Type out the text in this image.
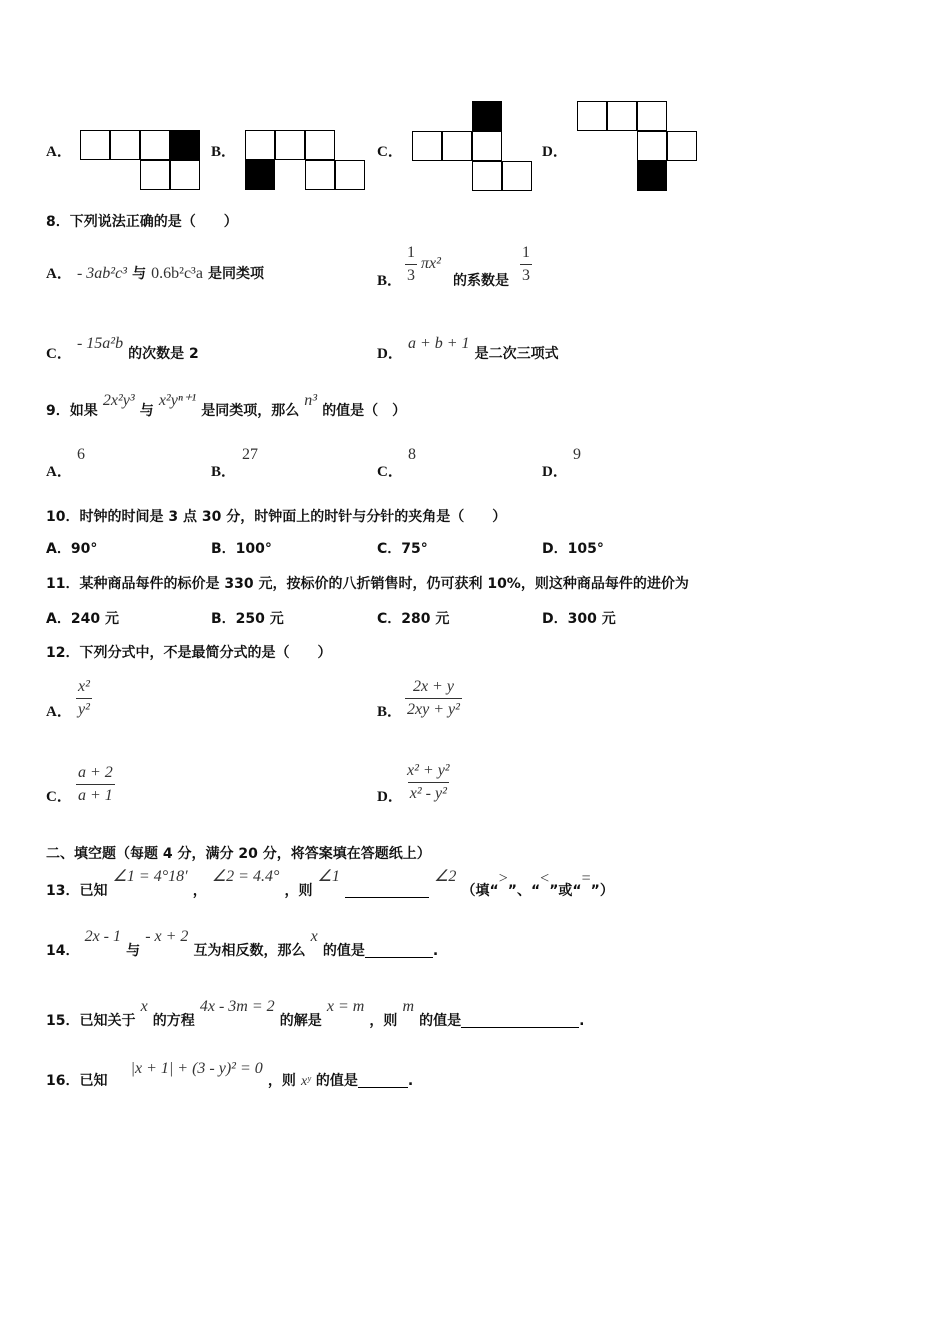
A．	B．	C．	D．
8．下列说法正确的是（　　）
A． - 3ab²c³ 与 0.6b²c³a 是同类项	B． $\frac{1}{3} \pi x^2$
的系数是 $\frac{1}{3}$
C． - 15a²b 的次数是 2	D． a + b + 1 是二次三项式
9．如果 2x²y³ 与 x²yⁿ⁺¹ 是同类项，那么 n³ 的值是（　）
A．
6
B．
27
C．
8
D．
9
10．时钟的时间是 3 点 30 分，时钟面上的时针与分针的夹角是（　　）
A．90°	B．100°	C．75°	D．105°
11．某种商品每件的标价是 330 元，按标价的八折销售时，仍可获利 10%，则这种商品每件的进价为
A．240 元	B．250 元	C．280 元	D．300 元
12．下列分式中，不是最简分式的是（　　）
A． $\frac{\text{x²}}{\text{y²}}$	B． $\frac{2x + y}{\text{2xy + y²}}$
C． $\frac{a + 2}{a + 1}$	D． $\frac{\text{x² + y²}}{\text{x² - y²}}$
二、填空题（每题 4 分，满分 20 分，将答案填在答题纸上）
13．已知 ∠1 = 4°18′ ， ∠2 = 4.4° ，则 ∠1	∠2 （填“>”、“<”或“=”）
14． 2x - 1 与 - x + 2 互为相反数，那么 x 的值是	.
15．已知关于 x 的方程 4x - 3m = 2 的解是 x = m ，则 m 的值是	.
16．已知 |x + 1| + (3 - y)² = 0 ，则 xʸ 的值是	.
